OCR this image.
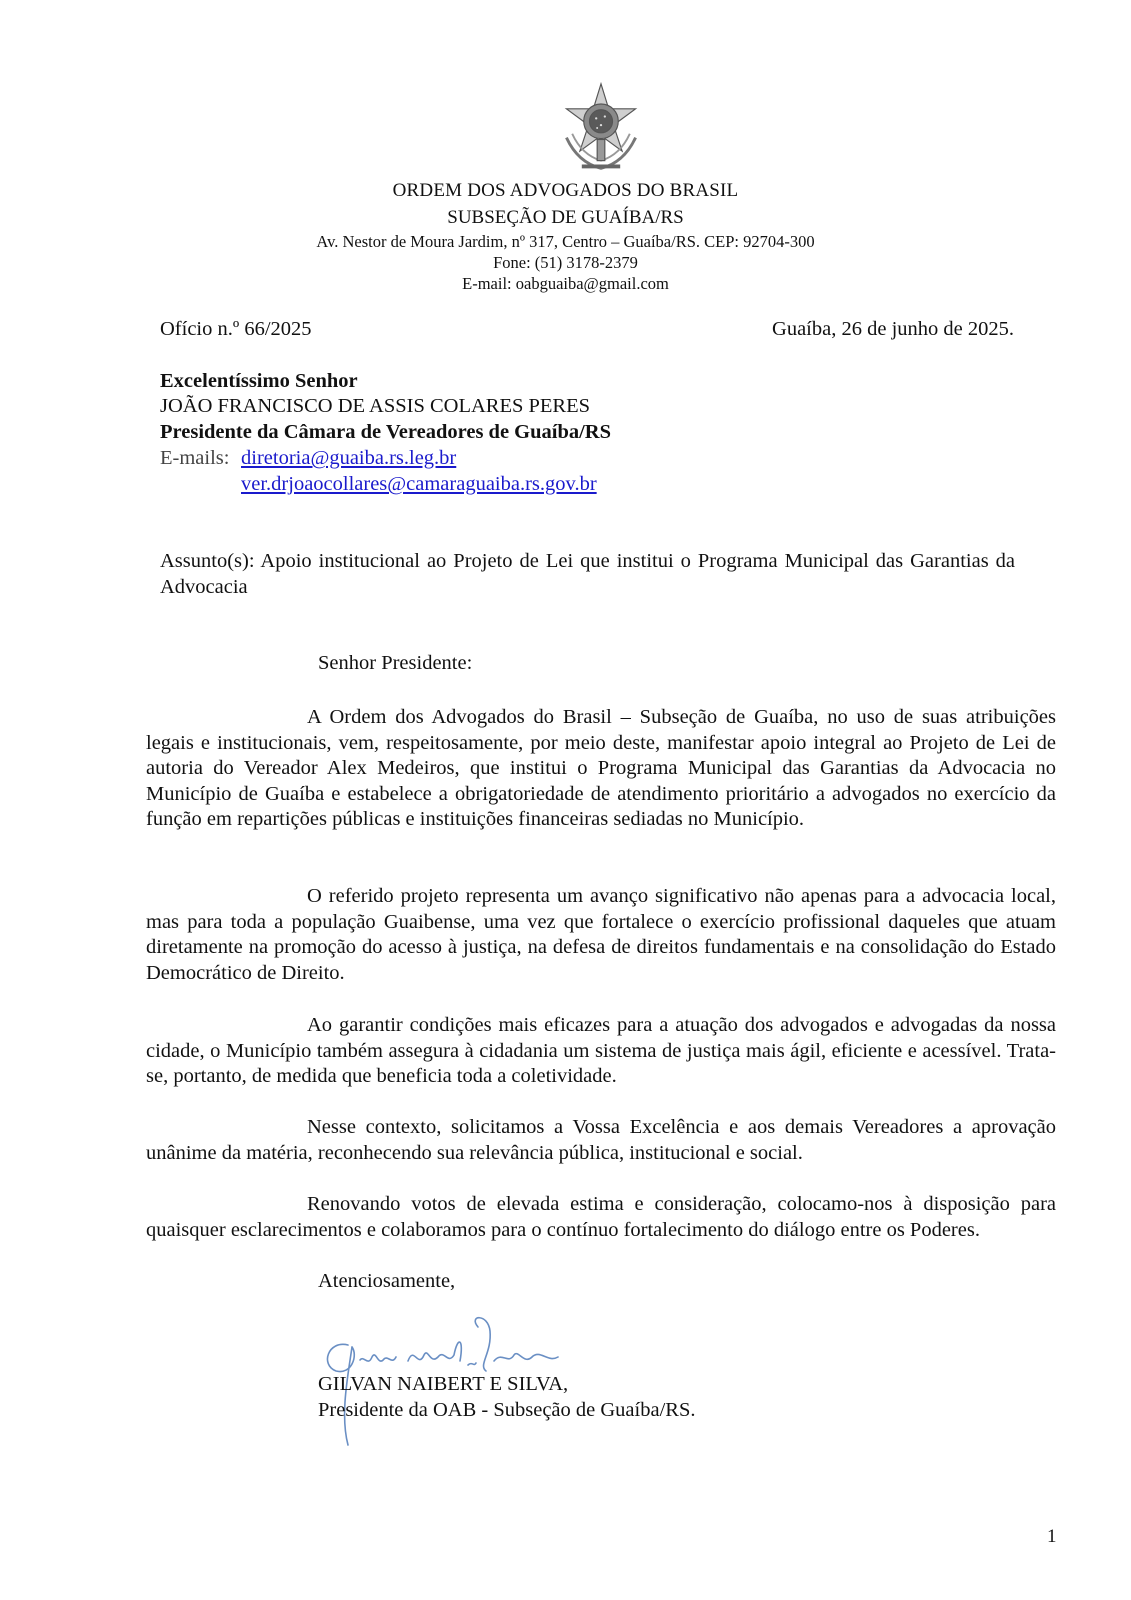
ORDEM DOS ADVOGADOS DO BRASIL
SUBSEÇÃO DE GUAÍBA/RS
Av. Nestor de Moura Jardim, nº 317, Centro – Guaíba/RS. CEP: 92704-300
Fone: (51) 3178-2379
E-mail: oabguaiba@gmail.com
Ofício n.º 66/2025	Guaíba, 26 de junho de 2025.
Excelentíssimo Senhor
JOÃO FRANCISCO DE ASSIS COLARES PERES
Presidente da Câmara de Vereadores de Guaíba/RS
E-mails: diretoria@guaiba.rs.leg.br
ver.drjoaocollares@camaraguaiba.rs.gov.br
Assunto(s): Apoio institucional ao Projeto de Lei que institui o Programa Municipal das Garantias da Advocacia
Senhor Presidente:
A Ordem dos Advogados do Brasil – Subseção de Guaíba, no uso de suas atribuições legais e institucionais, vem, respeitosamente, por meio deste, manifestar apoio integral ao Projeto de Lei de autoria do Vereador Alex Medeiros, que institui o Programa Municipal das Garantias da Advocacia no Município de Guaíba e estabelece a obrigatoriedade de atendimento prioritário a advogados no exercício da função em repartições públicas e instituições financeiras sediadas no Município.
O referido projeto representa um avanço significativo não apenas para a advocacia local, mas para toda a população Guaibense, uma vez que fortalece o exercício profissional daqueles que atuam diretamente na promoção do acesso à justiça, na defesa de direitos fundamentais e na consolidação do Estado Democrático de Direito.
Ao garantir condições mais eficazes para a atuação dos advogados e advogadas da nossa cidade, o Município também assegura à cidadania um sistema de justiça mais ágil, eficiente e acessível. Trata-se, portanto, de medida que beneficia toda a coletividade.
Nesse contexto, solicitamos a Vossa Excelência e aos demais Vereadores a aprovação unânime da matéria, reconhecendo sua relevância pública, institucional e social.
Renovando votos de elevada estima e consideração, colocamo-nos à disposição para quaisquer esclarecimentos e colaboramos para o contínuo fortalecimento do diálogo entre os Poderes.
Atenciosamente,
GILVAN NAIBERT E SILVA,
Presidente da OAB - Subseção de Guaíba/RS.
1
